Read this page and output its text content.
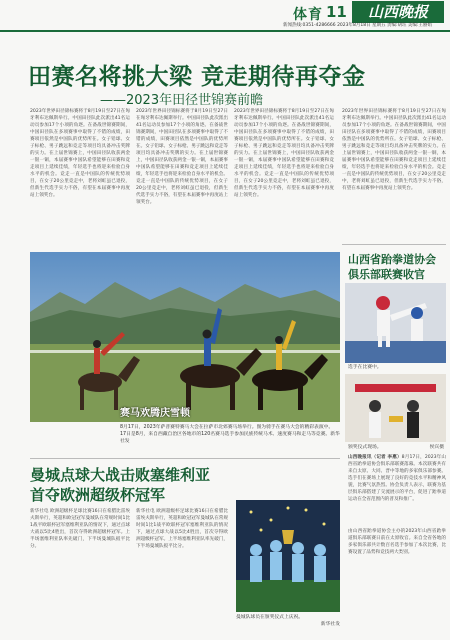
体育 11	山西晚报
新闻热线:0351-4286666 2023年8月18日 星期五 责编:胡珏 美编:王丽娟
田赛名将挑大梁 竞走期待再夺金
——2023年田径世锦赛前瞻
2023年世界田径锦标赛将于8月19日至27日在匈牙利布达佩斯举行。中国田径队此次派出41名运动员参加17个小项的角逐。在备战世锦赛期间，中国田径队在多项赛事中取得了不错的成绩，田赛项目依然是中国队的优势所在。女子铅球、女子标枪、男子跳远和竞走等项目均具备冲击奖牌的实力。在上届世锦赛上，中国田径队收获两金一银一铜，本届赛事中国队希望能够在田赛和竞走项目上延续佳绩，年轻选手也将迎来检验自身水平的机会。竞走一直是中国队的传统优势项目，在女子20公里竞走中，老将刘虹虽已退役，但新生代选手实力不俗，有望在本届赛事中再度站上领奖台。
2023年世界田径锦标赛将于8月19日至27日在匈牙利布达佩斯举行。中国田径队此次派出41名运动员参加17个小项的角逐。在备战世锦赛期间，中国田径队在多项赛事中取得了不错的成绩，田赛项目依然是中国队的优势所在。女子铅球、女子标枪、男子跳远和竞走等项目均具备冲击奖牌的实力。在上届世锦赛上，中国田径队收获两金一银一铜，本届赛事中国队希望能够在田赛和竞走项目上延续佳绩，年轻选手也将迎来检验自身水平的机会。竞走一直是中国队的传统优势项目，在女子20公里竞走中，老将刘虹虽已退役，但新生代选手实力不俗，有望在本届赛事中再度站上领奖台。
2023年世界田径锦标赛将于8月19日至27日在匈牙利布达佩斯举行。中国田径队此次派出41名运动员参加17个小项的角逐。在备战世锦赛期间，中国田径队在多项赛事中取得了不错的成绩，田赛项目依然是中国队的优势所在。女子铅球、女子标枪、男子跳远和竞走等项目均具备冲击奖牌的实力。在上届世锦赛上，中国田径队收获两金一银一铜，本届赛事中国队希望能够在田赛和竞走项目上延续佳绩，年轻选手也将迎来检验自身水平的机会。竞走一直是中国队的传统优势项目，在女子20公里竞走中，老将刘虹虽已退役，但新生代选手实力不俗，有望在本届赛事中再度站上领奖台。
2023年世界田径锦标赛将于8月19日至27日在匈牙利布达佩斯举行。中国田径队此次派出41名运动员参加17个小项的角逐。在备战世锦赛期间，中国田径队在多项赛事中取得了不错的成绩，田赛项目依然是中国队的优势所在。女子铅球、女子标枪、男子跳远和竞走等项目均具备冲击奖牌的实力。在上届世锦赛上，中国田径队收获两金一银一铜，本届赛事中国队希望能够在田赛和竞走项目上延续佳绩，年轻选手也将迎来检验自身水平的机会。竞走一直是中国队的传统优势项目，在女子20公里竞走中，老将刘虹虽已退役，但新生代选手实力不俗，有望在本届赛事中再度站上领奖台。
赛马欢腾庆雪顿
8月17日，2023年萨普赛特赛马大会在拉萨市北郊赛马场举行。图为骑手在赛马大会的精彩表演中。
17日是8月，来自西藏自治区各地市的120名赛马选手参加民族传统马术、速度赛马和走马等竞赛。新华社发
山西省跆拳道协会
俱乐部联赛收官
选手在比赛中。
颁奖仪式现场。	侯宾摄
山西晚报讯（记者 李惠）8月17日，2023年山西省跆拳道协会俱乐部联赛落幕。本次联赛共有来自太原、大同、晋中等地的多家俱乐部参赛。选手们在赛场上展现了良好的竞技水平和精神风貌，比赛气氛热烈。协会负责人表示，联赛为基层俱乐部搭建了交流展示的平台，促进了跆拳道运动在全省范围内的普及和推广。
由山西省跆拳道协会主办的2023年山西省跆拳道俱乐部联赛日前在太原收官。来自全省各地的多家俱乐部共计数百名选手参加了本次比赛，比赛设置了品势和竞技两大类别。
曼城点球大战击败塞维利亚
首夺欧洲超级杯冠军
新华社电 欧洲超级杯足球比赛16日在希腊比雷埃夫斯举行，英超和欧冠冠军曼城队在常规时间1比1战平欧联杯冠军塞维利亚队的情况下，通过点球大战以5比4胜出，首次夺得欧洲超级杯冠军。上半场塞维利亚队率先破门，下半场曼城队扳平比分。
新华社电 欧洲超级杯足球比赛16日在希腊比雷埃夫斯举行，英超和欧冠冠军曼城队在常规时间1比1战平欧联杯冠军塞维利亚队的情况下，通过点球大战以5比4胜出，首次夺得欧洲超级杯冠军。上半场塞维利亚队率先破门，下半场曼城队扳平比分。
曼城队球员在颁奖仪式上庆祝。
新华社发
